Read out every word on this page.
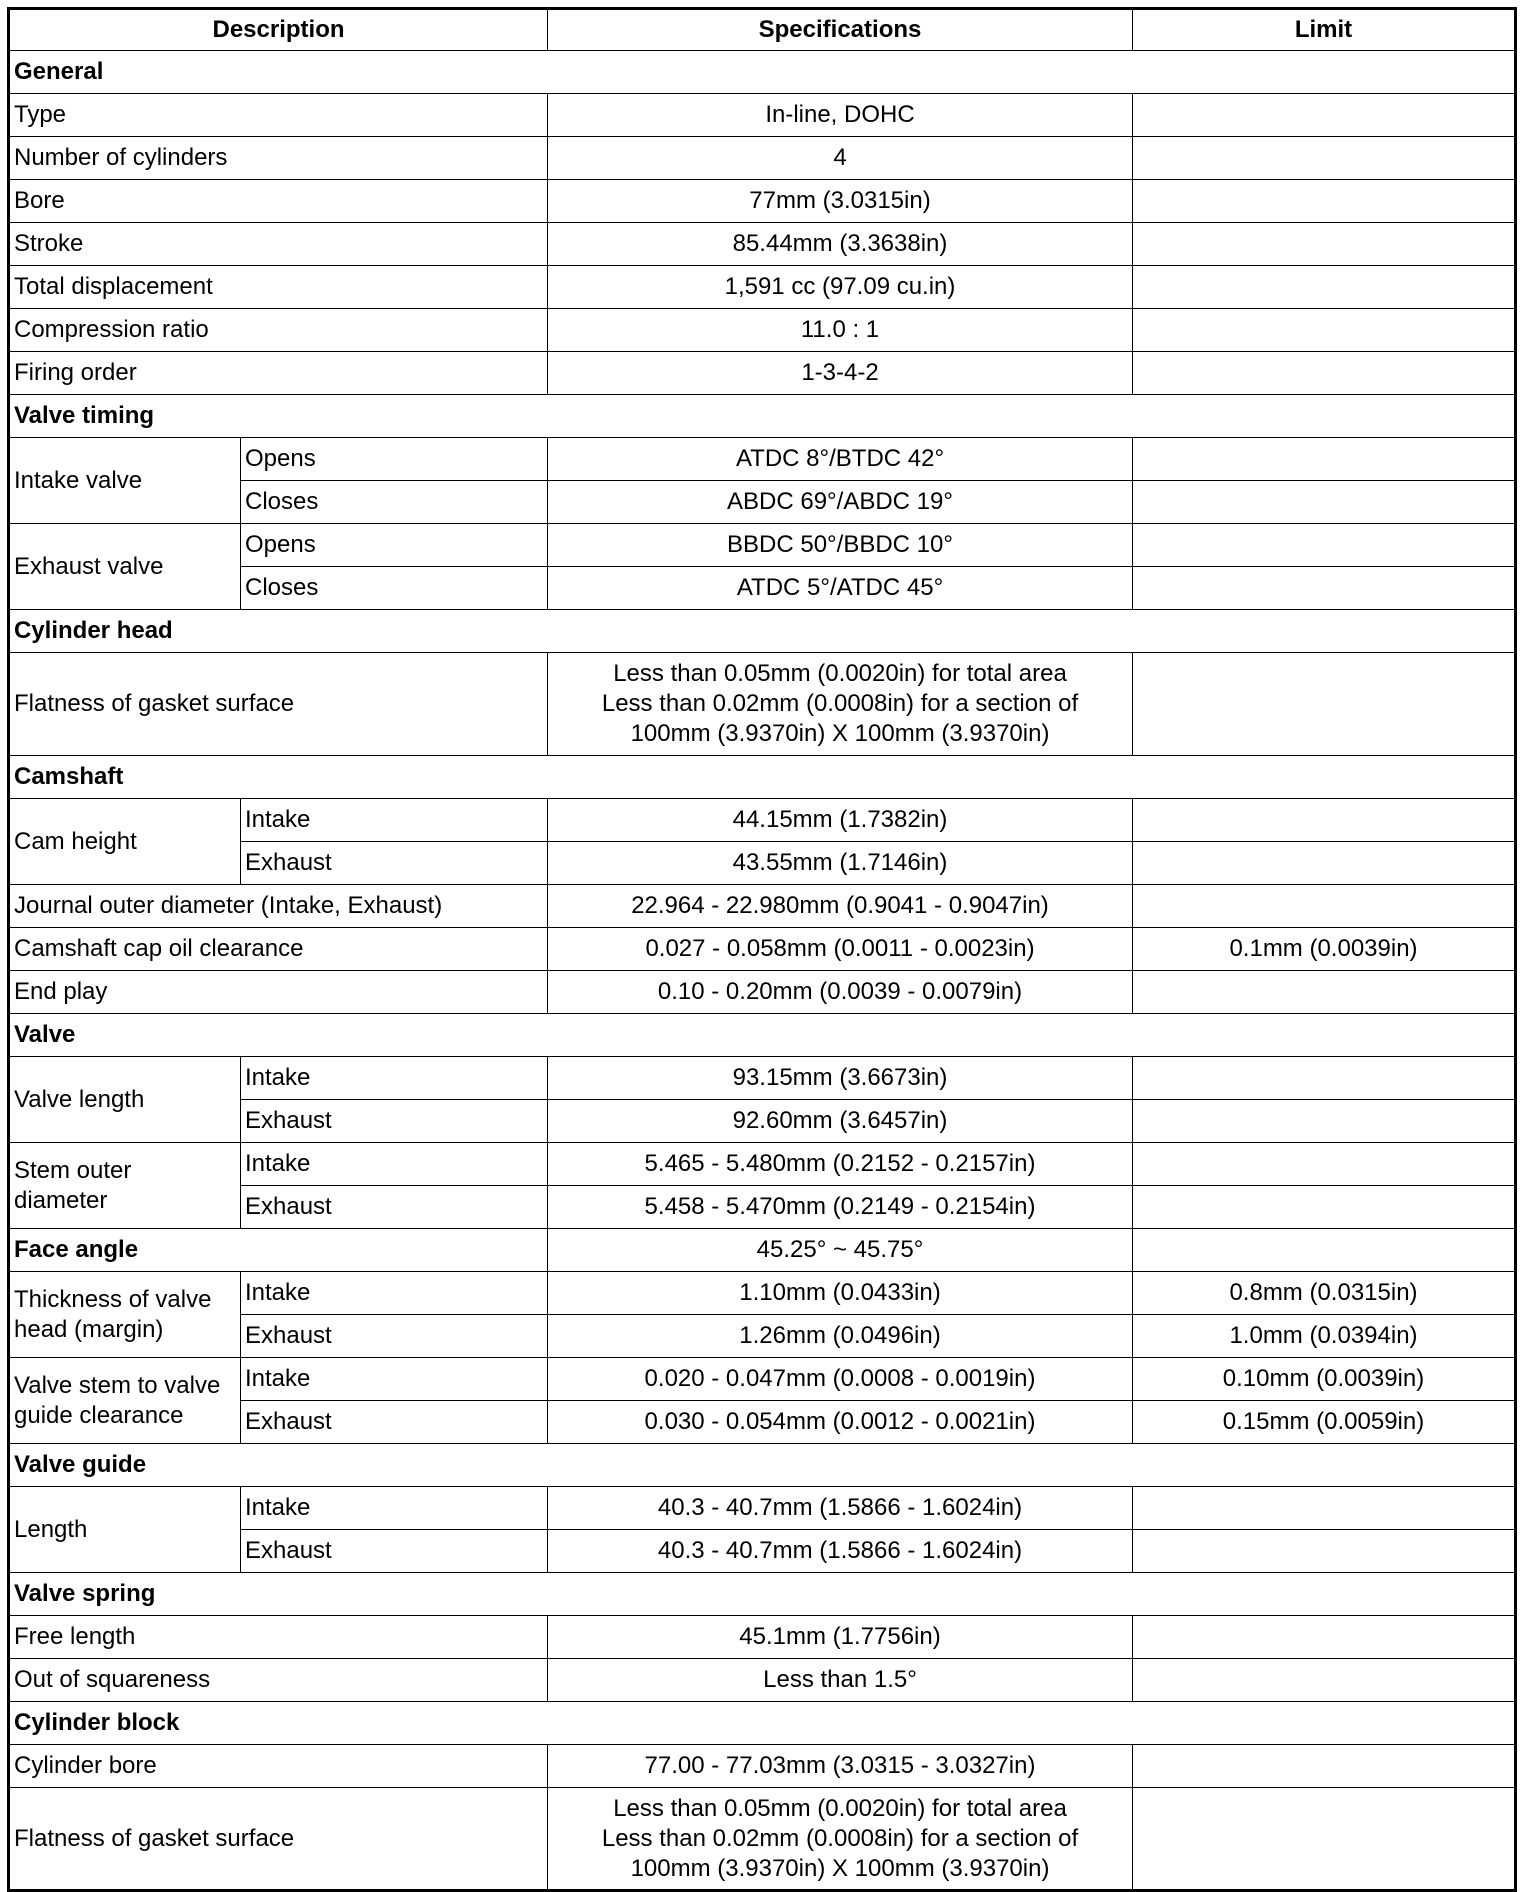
Description		Specifications	Limit
General			
Type		In-line, DOHC	
Number of cylinders		4	
Bore		77mm (3.0315in)	
Stroke		85.44mm (3.3638in)	
Total displacement		1,591 cc (97.09 cu.in)	
Compression ratio		11.0 : 1	
Firing order		1-3-4-2	
Valve timing			
Intake valve	Opens	ATDC 8°/BTDC 42°	
	Closes	ABDC 69°/ABDC 19°	
Exhaust valve	Opens	BBDC 50°/BBDC 10°	
	Closes	ATDC 5°/ATDC 45°	
Cylinder head			
Flatness of gasket surface		Less than 0.05mm (0.0020in) for total area
Less than 0.02mm (0.0008in) for a section of
100mm (3.9370in) X 100mm (3.9370in)	

Camshaft			
Cam height	Intake	44.15mm (1.7382in)	
	Exhaust	43.55mm (1.7146in)	
Journal outer diameter (Intake, Exhaust)		22.964 - 22.980mm (0.9041 - 0.9047in)	
Camshaft cap oil clearance		0.027 - 0.058mm (0.0011 - 0.0023in)	0.1mm (0.0039in)
End play		0.10 - 0.20mm (0.0039 - 0.0079in)	
Valve			
Valve length	Intake	93.15mm (3.6673in)	
	Exhaust	92.60mm (3.6457in)	

Stem outer
diameter	Intake	5.465 - 5.480mm (0.2152 - 0.2157in)	
	Exhaust	5.458 - 5.470mm (0.2149 - 0.2154in)	
Face angle		45.25° ~ 45.75°	

Thickness of valve
head (margin)	Intake	1.10mm (0.0433in)	0.8mm (0.0315in)
	Exhaust	1.26mm (0.0496in)	1.0mm (0.0394in)

Valve stem to valve
guide clearance	Intake	0.020 - 0.047mm (0.0008 - 0.0019in)	0.10mm (0.0039in)
	Exhaust	0.030 - 0.054mm (0.0012 - 0.0021in)	0.15mm (0.0059in)
Valve guide			
Length	Intake	40.3 - 40.7mm (1.5866 - 1.6024in)	
	Exhaust	40.3 - 40.7mm (1.5866 - 1.6024in)	
Valve spring			
Free length		45.1mm (1.7756in)	
Out of squareness		Less than 1.5°	
Cylinder block			
Cylinder bore		77.00 - 77.03mm (3.0315 - 3.0327in)	
Flatness of gasket surface		Less than 0.05mm (0.0020in) for total area
Less than 0.02mm (0.0008in) for a section of
100mm (3.9370in) X 100mm (3.9370in)	
